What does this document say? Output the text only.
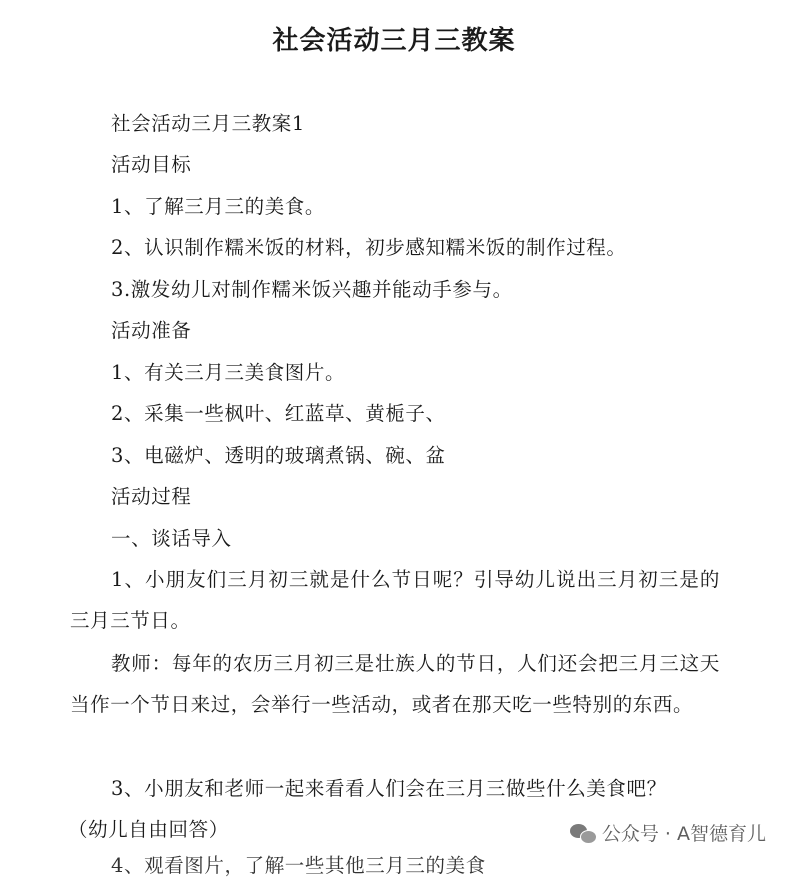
社会活动三月三教案
社会活动三月三教案1
活动目标
1、了解三月三的美食。
2、认识制作糯米饭的材料，初步感知糯米饭的制作过程。
3.激发幼儿对制作糯米饭兴趣并能动手参与。
活动准备
1、有关三月三美食图片。
2、采集一些枫叶、红蓝草、黄栀子、
3、电磁炉、透明的玻璃煮锅、碗、盆
活动过程
一、谈话导入

1、小朋友们三月初三就是什么节日呢？引导幼儿说出三月初三是的三月三节日。

教师：每年的农历三月初三是壮族人的节日，人们还会把三月三这天当作一个节日来过，会举行一些活动，或者在那天吃一些特别的东西。

3、小朋友和老师一起来看看人们会在三月三做些什么美食吧？

（幼儿自由回答）
4、观看图片，了解一些其他三月三的美食
公众号 · A智德育儿
